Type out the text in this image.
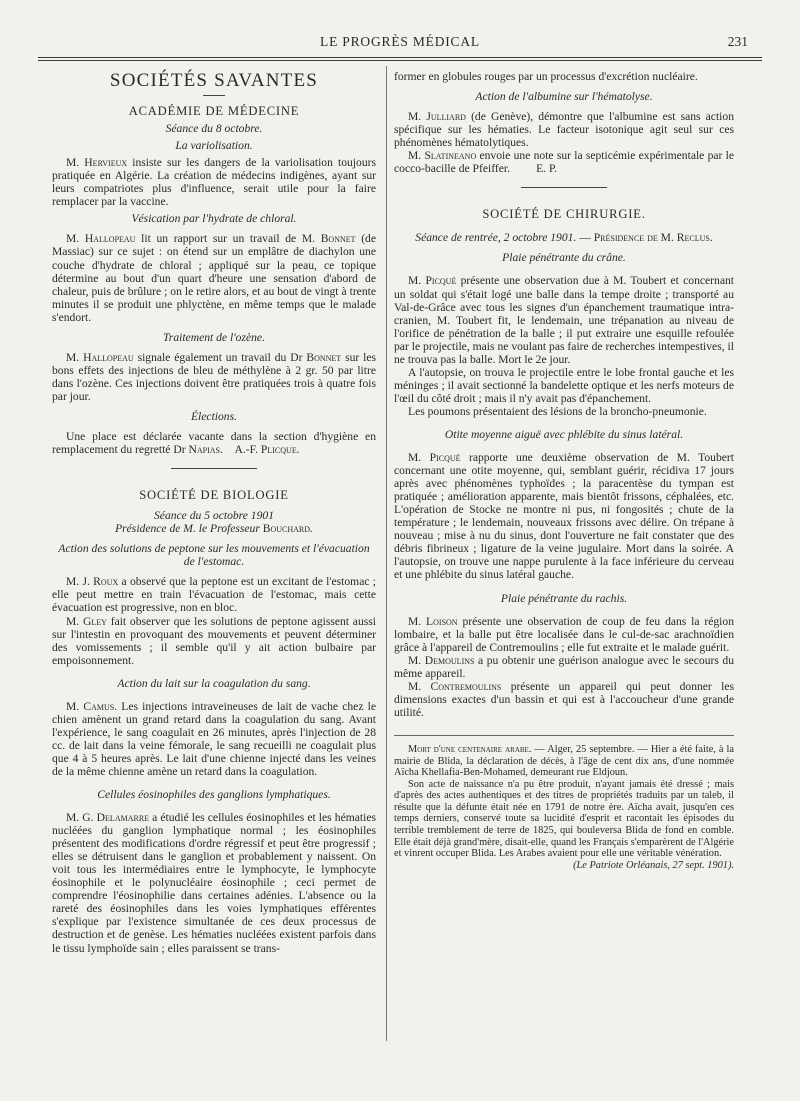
LE PROGRÈS MÉDICAL	231
SOCIÉTÉS SAVANTES
ACADÉMIE DE MÉDECINE
Séance du 8 octobre.
La variolisation.

M. Hervieux insiste sur les dangers de la variolisation toujours pratiquée en Algérie. La création de médecins indigènes, ayant sur leurs compatriotes plus d'influence, serait utile pour la faire remplacer par la vaccine.

Vésication par l'hydrate de chloral.

M. Hallopeau lit un rapport sur un travail de M. Bonnet (de Massiac) sur ce sujet : on étend sur un emplâtre de diachylon une couche d'hydrate de chloral ; appliqué sur la peau, ce topique détermine au bout d'un quart d'heure une sensation d'abord de chaleur, puis de brûlure ; on le retire alors, et au bout de vingt à trente minutes il se produit une phlyctène, en même temps que le malade s'endort.

Traitement de l'ozène.

M. Hallopeau signale également un travail du Dr Bonnet sur les bons effets des injections de bleu de méthylène à 2 gr. 50 par litre dans l'ozène. Ces injections doivent être pratiquées trois à quatre fois par jour.

Élections.

Une place est déclarée vacante dans la section d'hygiène en remplacement du regretté Dr Napias.    A.-F. Plicque.

SOCIÉTÉ DE BIOLOGIE
Séance du 5 octobre 1901
Présidence de M. le Professeur Bouchard.
Action des solutions de peptone sur les mouvements et l'évacuation de l'estomac.

M. J. Roux a observé que la peptone est un excitant de l'estomac ; elle peut mettre en train l'évacuation de l'estomac, mais cette évacuation est progressive, non en bloc.

M. Gley fait observer que les solutions de peptone agissent aussi sur l'intestin en provoquant des mouvements et peuvent déterminer des vomissements ; il semble qu'il y ait action bulbaire par empoisonnement.

Action du lait sur la coagulation du sang.

M. Camus. Les injections intraveineuses de lait de vache chez le chien amènent un grand retard dans la coagulation du sang. Avant l'expérience, le sang coagulait en 26 minutes, après l'injection de 28 cc. de lait dans la veine fémorale, le sang recueilli ne coagulait plus que 4 à 5 heures après. Le lait d'une chienne injecté dans les veines de la même chienne amène un retard dans la coagulation.

Cellules éosinophiles des ganglions lymphatiques.

M. G. Delamarre a étudié les cellules éosinophiles et les hématies nucléées du ganglion lymphatique normal ; les éosinophiles présentent des modifications d'ordre régressif et peut être progressif ; elles se détruisent dans le ganglion et probablement y naissent. On voit tous les intermédiaires entre le lymphocyte, le lymphocyte éosinophile et le polynucléaire éosinophile ; ceci permet de comprendre l'éosinophilie dans certaines adénies. L'absence ou la rareté des éosinophiles dans les voies lymphatiques efférentes s'explique par l'existence simultanée de ces deux processus de destruction et de genèse. Les hématies nucléées existent parfois dans le tissu lymphoïde sain ; elles paraissent se trans-

former en globules rouges par un processus d'excrétion nucléaire.

Action de l'albumine sur l'hématolyse.

M. Julliard (de Genève), démontre que l'albumine est sans action spécifique sur les hématies. Le facteur isotonique agit seul sur ces phénomènes hématolytiques.

M. Slatineano envoie une note sur la septicémie expérimentale par le cocco-bacille de Pfeiffer. E. P.

SOCIÉTÉ DE CHIRURGIE.
Séance de rentrée, 2 octobre 1901. — Présidence de M. Reclus.
Plaie pénétrante du crâne.

M. Picqué présente une observation due à M. Toubert et concernant un soldat qui s'était logé une balle dans la tempe droite ; transporté au Val-de-Grâce avec tous les signes d'un épanchement traumatique intra-cranien, M. Toubert fit, le lendemain, une trépanation au niveau de l'orifice de pénétration de la balle ; il put extraire une esquille refoulée par le projectile, mais ne voulant pas faire de recherches intempestives, il ne trouva pas la balle. Mort le 2e jour.

A l'autopsie, on trouva le projectile entre le lobe frontal gauche et les méninges ; il avait sectionné la bandelette optique et les nerfs moteurs de l'œil du côté droit ; mais il n'y avait pas d'épanchement.

Les poumons présentaient des lésions de la broncho-pneumonie.

Otite moyenne aiguë avec phlébite du sinus latéral.

M. Picqué rapporte une deuxième observation de M. Toubert concernant une otite moyenne, qui, semblant guérir, récidiva 17 jours après avec phénomènes typhoïdes ; la paracentèse du tympan est pratiquée ; amélioration apparente, mais bientôt frissons, céphalées, etc. L'opération de Stocke ne montre ni pus, ni fongosités ; chute de la température ; le lendemain, nouveaux frissons avec délire. On trépane à nouveau ; mise à nu du sinus, dont l'ouverture ne fait constater que des débris fibrineux ; ligature de la veine jugulaire. Mort dans la soirée. A l'autopsie, on trouve une nappe purulente à la face inférieure du cerveau et une phlébite du sinus latéral gauche.

Plaie pénétrante du rachis.

M. Loison présente une observation de coup de feu dans la région lombaire, et la balle put être localisée dans le cul-de-sac arachnoïdien grâce à l'appareil de Contremoulins ; elle fut extraite et le malade guérit.

M. Demoulins a pu obtenir une guérison analogue avec le secours du même appareil.

M. Contremoulins présente un appareil qui peut donner les dimensions exactes d'un bassin et qui est à l'accoucheur d'une grande utilité.

Mort d'une centenaire arabe. — Alger, 25 septembre. — Hier a été faite, à la mairie de Blida, la déclaration de décès, à l'âge de cent dix ans, d'une nommée Aïcha Khellafia-Ben-Mohamed, demeurant rue Eldjoun.

Son acte de naissance n'a pu être produit, n'ayant jamais été dressé ; mais d'après des actes authentiques et des titres de propriétés traduits par un taleb, il résulte que la défunte était née en 1791 de notre ère. Aïcha avait, jusqu'en ces temps derniers, conservé toute sa lucidité d'esprit et racontait les épisodes du terrible tremblement de terre de 1825, qui bouleversa Blida de fond en comble. Elle était déjà grand'mère, disait-elle, quand les Français s'emparèrent de l'Algérie et vinrent occuper Blida. Les Arabes avaient pour elle une véritable vénération.

(Le Patriote Orléanais, 27 sept. 1901).
